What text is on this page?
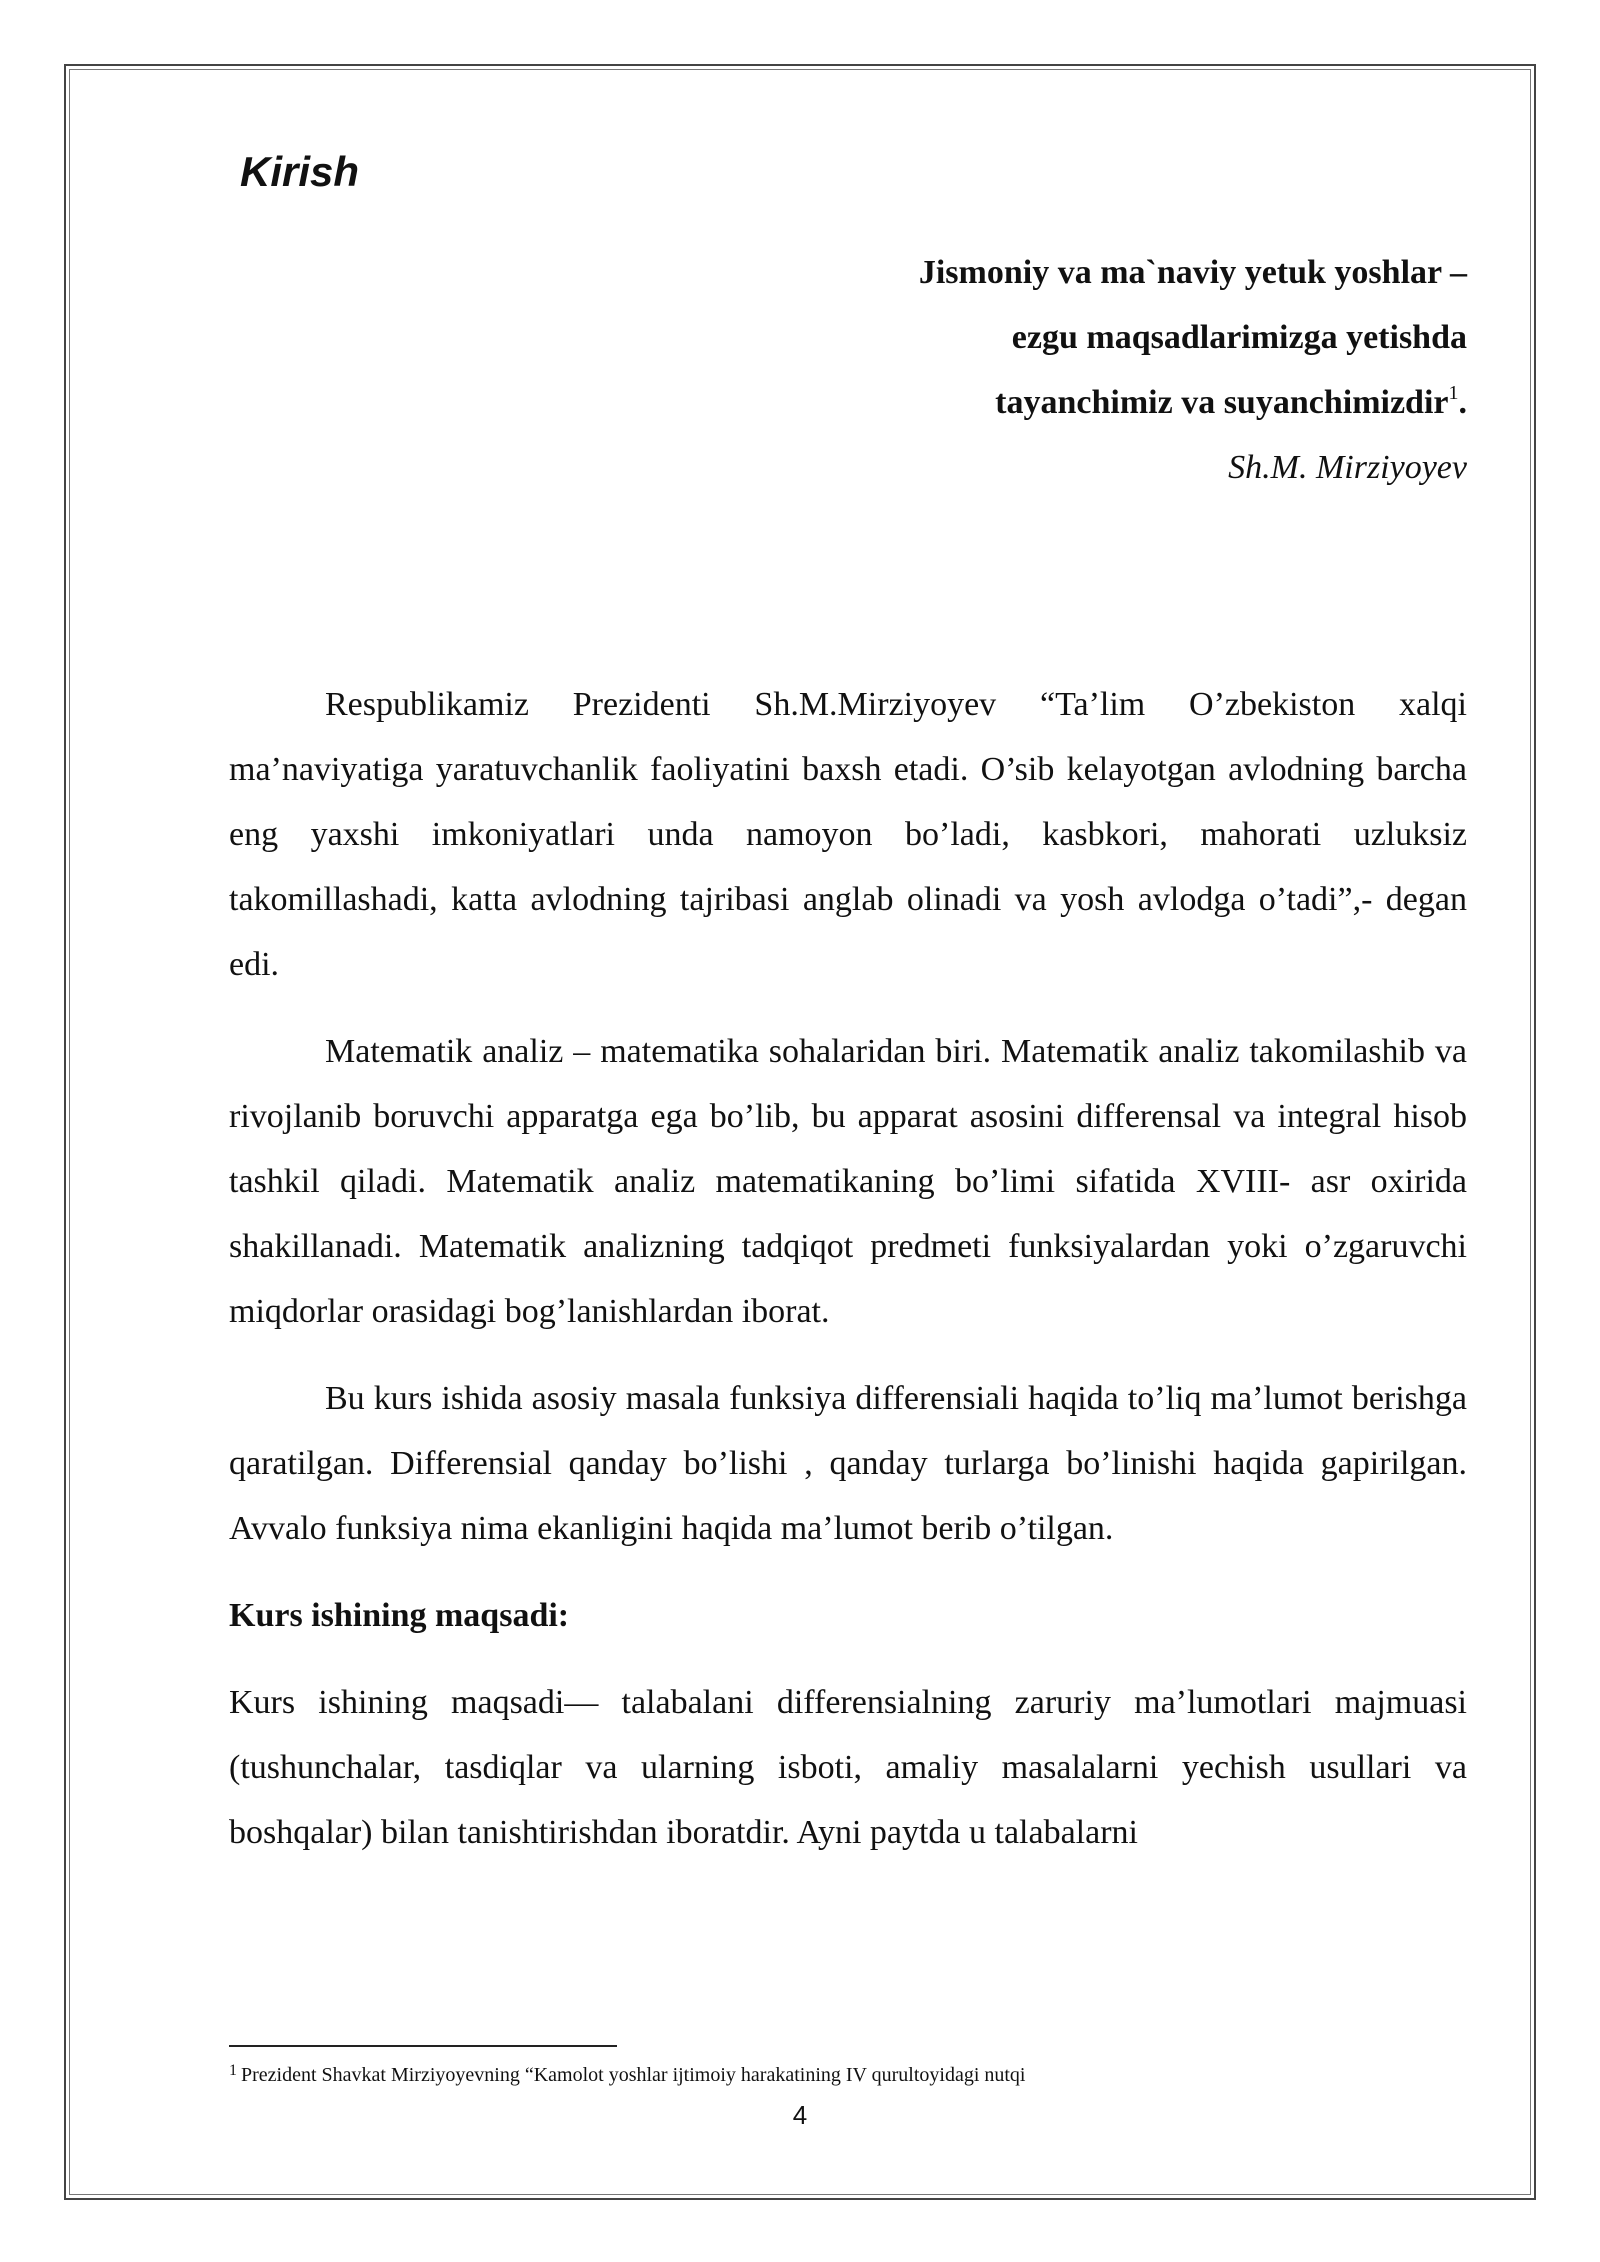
Kirish
Jismoniy va ma`naviy yetuk yoshlar –
ezgu maqsadlarimizga yetishda
tayanchimiz va suyanchimizdir$^1$.
Sh.M. Mirziyoyev

Respublikamiz Prezidenti Sh.M.Mirziyoyev “Ta’lim O’zbekiston xalqi ma’naviyatiga yaratuvchanlik faoliyatini baxsh etadi. O’sib kelayotgan avlodning barcha eng yaxshi imkoniyatlari unda namoyon bo’ladi, kasbkori, mahorati uzluksiz takomillashadi, katta avlodning tajribasi anglab olinadi va yosh avlodga o’tadi”,- degan edi.

Matematik analiz – matematika sohalaridan biri. Matematik analiz takomilashib va rivojlanib boruvchi apparatga ega bo’lib, bu apparat asosini differensal va integral hisob tashkil qiladi. Matematik analiz matematikaning bo’limi sifatida XVIII- asr oxirida shakillanadi. Matematik analizning tadqiqot predmeti funksiyalardan yoki o’zgaruvchi miqdorlar orasidagi bog’lanishlardan iborat.

Bu kurs ishida asosiy masala funksiya differensiali haqida to’liq ma’lumot berishga qaratilgan. Differensial qanday bo’lishi , qanday turlarga bo’linishi haqida gapirilgan. Avvalo funksiya nima ekanligini haqida ma’lumot berib o’tilgan.

Kurs ishining maqsadi:

Kurs ishining maqsadi— talabalani differensialning zaruriy ma’lumotlari majmuasi (tushunchalar, tasdiqlar va ularning isboti, amaliy masalalarni yechish usullari va boshqalar) bilan tanishtirishdan iboratdir. Ayni paytda u talabalarni

$^1$ Prezident Shavkat Mirziyoyevning “Kamolot yoshlar ijtimoiy harakatining IV qurultoyidagi nutqi
4
